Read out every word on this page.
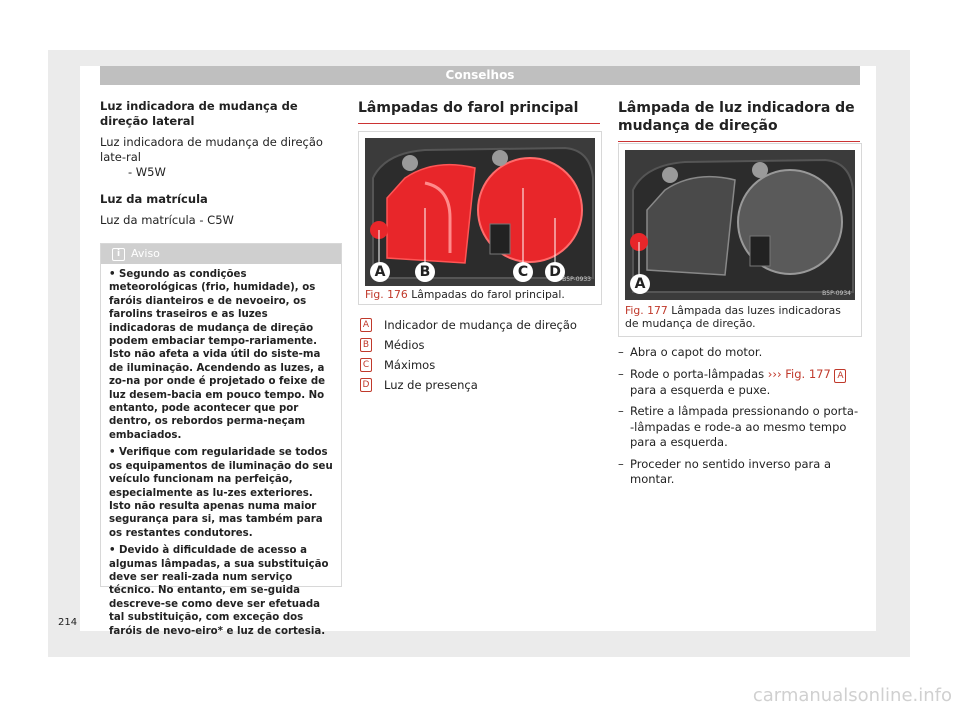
Conselhos

Luz indicadora de mudança de direção lateral

Luz indicadora de mudança de direção late-ral

- W5W

Luz da matrícula

Luz da matrícula - C5W

i Aviso

• Segundo as condições meteorológicas (frio, humidade), os faróis dianteiros e de nevoeiro, os farolins traseiros e as luzes indicadoras de mudança de direção podem embaciar tempo-rariamente. Isto não afeta a vida útil do siste-ma de iluminação. Acendendo as luzes, a zo-na por onde é projetado o feixe de luz desem-bacia em pouco tempo. No entanto, pode acontecer que por dentro, os rebordos perma-neçam embaciados.

• Verifique com regularidade se todos os equipamentos de iluminação do seu veículo funcionam na perfeição, especialmente as lu-zes exteriores. Isto não resulta apenas numa maior segurança para si, mas também para os restantes condutores.

• Devido à dificuldade de acesso a algumas lâmpadas, a sua substituição deve ser reali-zada num serviço técnico. No entanto, em se-guida descreve-se como deve ser efetuada tal substituição, com exceção dos faróis de nevo-eiro* e luz de cortesia.

Lâmpadas do farol principal
A	B	C	D B5P-0933
Fig. 176 Lâmpadas do farol principal.
A Indicador de mudança de direção
B Médios
C Máximos
D Luz de presença
Lâmpada de luz indicadora de mudança de direção
A
B5P-0934
Fig. 177 Lâmpada das luzes indicadoras de mudança de direção.
– Abra o capot do motor.
– Rode o porta-lâmpadas ››› Fig. 177 A para a esquerda e puxe.
– Retire a lâmpada pressionando o porta--lâmpadas e rode-a ao mesmo tempo para a esquerda.
– Proceder no sentido inverso para a montar.
214
carmanualsonline.info
